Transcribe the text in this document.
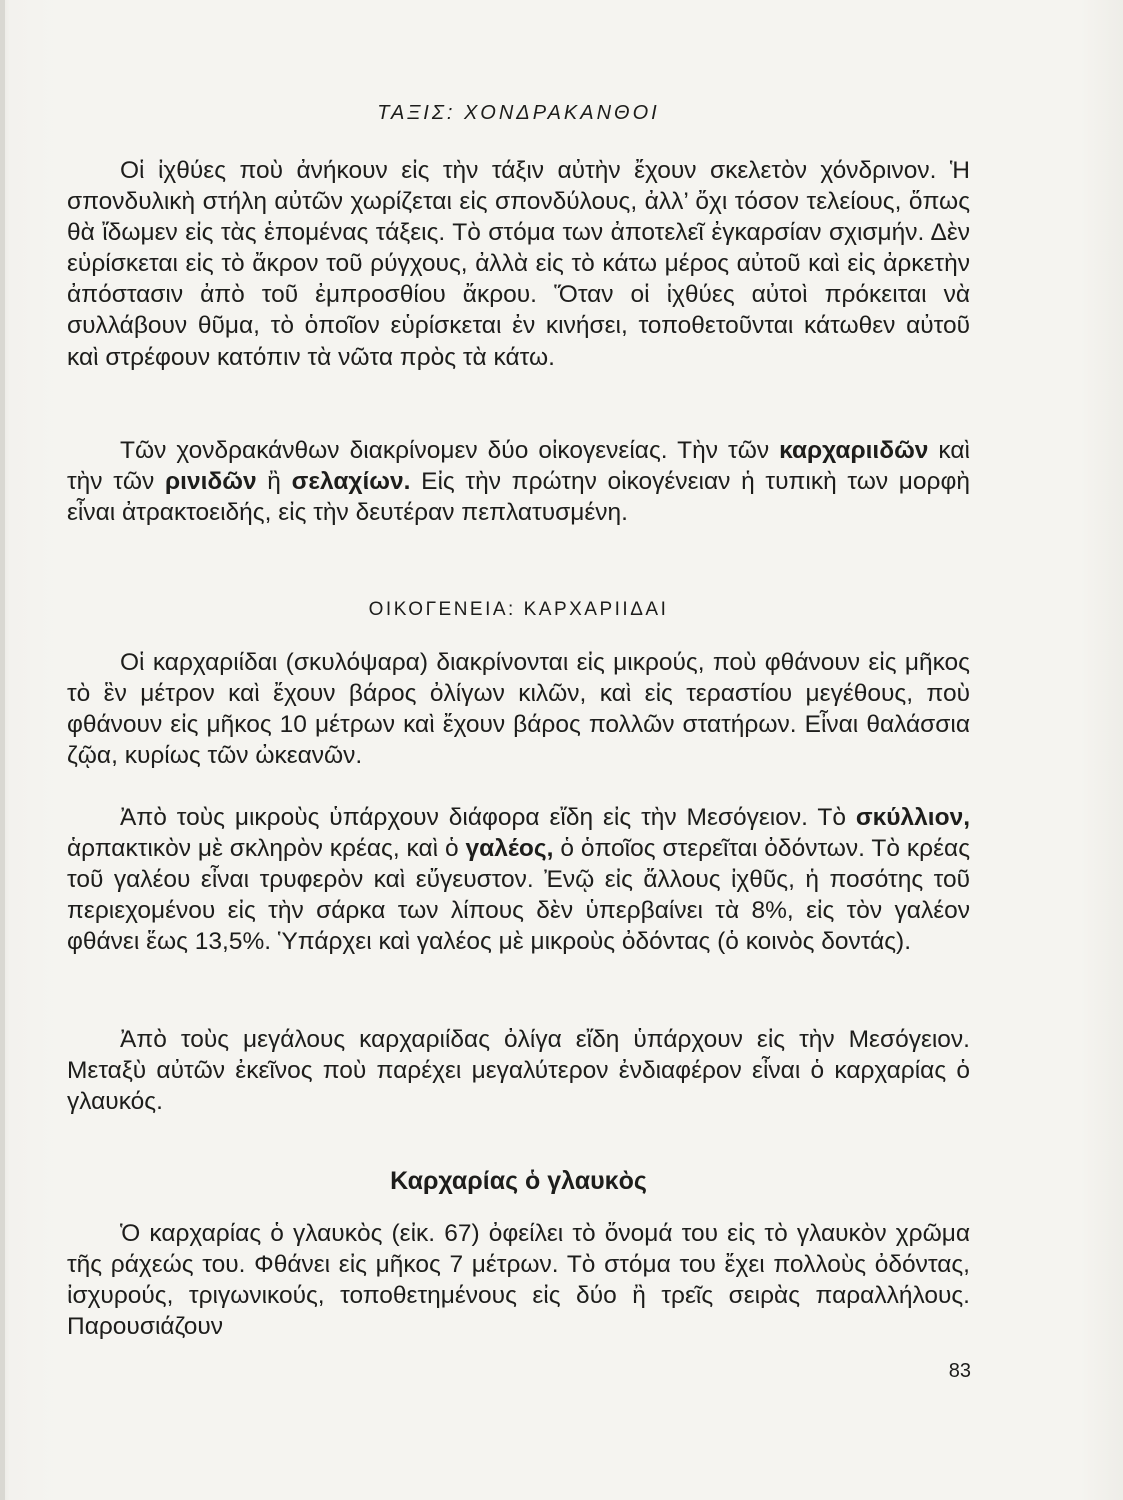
ΤΑΞΙΣ: ΧΟΝΔΡΑΚΑΝΘΟΙ

Οἱ ἰχθύες ποὺ ἀνήκουν εἰς τὴν τάξιν αὐτὴν ἔχουν σκελετὸν χόνδρινον. Ἡ σπονδυλικὴ στήλη αὐτῶν χωρίζεται εἰς σπονδύλους, ἀλλ’ ὄχι τόσον τελείους, ὅπως θὰ ἴδωμεν εἰς τὰς ἑπομένας τάξεις. Τὸ στόμα των ἀποτελεῖ ἐγκαρσίαν σχισμήν. Δὲν εὑρίσκεται εἰς τὸ ἄκρον τοῦ ρύγχους, ἀλλὰ εἰς τὸ κάτω μέρος αὐτοῦ καὶ εἰς ἀρκετὴν ἀπόστασιν ἀπὸ τοῦ ἐμπροσθίου ἄκρου. Ὅταν οἱ ἰχθύες αὐτοὶ πρόκειται νὰ συλλάβουν θῦμα, τὸ ὁποῖον εὑρίσκεται ἐν κινήσει, τοποθετοῦνται κάτωθεν αὐτοῦ καὶ στρέφουν κατόπιν τὰ νῶτα πρὸς τὰ κάτω.

Τῶν χονδρακάνθων διακρίνομεν δύο οἰκογενείας. Τὴν τῶν καρχαριιδῶν καὶ τὴν τῶν ρινιδῶν ἢ σελαχίων. Εἰς τὴν πρώτην οἰκογένειαν ἡ τυπικὴ των μορφὴ εἶναι ἀτρακτοειδής, εἰς τὴν δευτέραν πεπλατυσμένη.

ΟΙΚΟΓΕΝΕΙΑ: ΚΑΡΧΑΡΙΙΔΑΙ

Οἱ καρχαριίδαι (σκυλόψαρα) διακρίνονται εἰς μικρούς, ποὺ φθάνουν εἰς μῆκος τὸ ἓν μέτρον καὶ ἔχουν βάρος ὀλίγων κιλῶν, καὶ εἰς τεραστίου μεγέθους, ποὺ φθάνουν εἰς μῆκος 10 μέτρων καὶ ἔχουν βάρος πολλῶν στατήρων. Εἶναι θαλάσσια ζῷα, κυρίως τῶν ὠκεανῶν.

Ἀπὸ τοὺς μικροὺς ὑπάρχουν διάφορα εἴδη εἰς τὴν Μεσόγειον. Τὸ σκύλλιον, ἁρπακτικὸν μὲ σκληρὸν κρέας, καὶ ὁ γαλέος, ὁ ὁποῖος στερεῖται ὀδόντων. Τὸ κρέας τοῦ γαλέου εἶναι τρυφερὸν καὶ εὔγευστον. Ἐνῷ εἰς ἄλλους ἰχθῦς, ἡ ποσότης τοῦ περιεχομένου εἰς τὴν σάρκα των λίπους δὲν ὑπερβαίνει τὰ 8%, εἰς τὸν γαλέον φθάνει ἕως 13,5%. Ὑπάρχει καὶ γαλέος μὲ μικροὺς ὀδόντας (ὁ κοινὸς δοντάς).

Ἀπὸ τοὺς μεγάλους καρχαριίδας ὀλίγα εἴδη ὑπάρχουν εἰς τὴν Μεσόγειον. Μεταξὺ αὐτῶν ἐκεῖνος ποὺ παρέχει μεγαλύτερον ἐνδιαφέρον εἶναι ὁ καρχαρίας ὁ γλαυκός.

Καρχαρίας ὁ γλαυκὸς

Ὁ καρχαρίας ὁ γλαυκὸς (εἰκ. 67) ὀφείλει τὸ ὄνομά του εἰς τὸ γλαυκὸν χρῶμα τῆς ράχεώς του. Φθάνει εἰς μῆκος 7 μέτρων. Τὸ στόμα του ἔχει πολλοὺς ὀδόντας, ἰσχυρούς, τριγωνικούς, τοποθετημένους εἰς δύο ἢ τρεῖς σειρὰς παραλλήλους. Παρουσιάζουν

83
